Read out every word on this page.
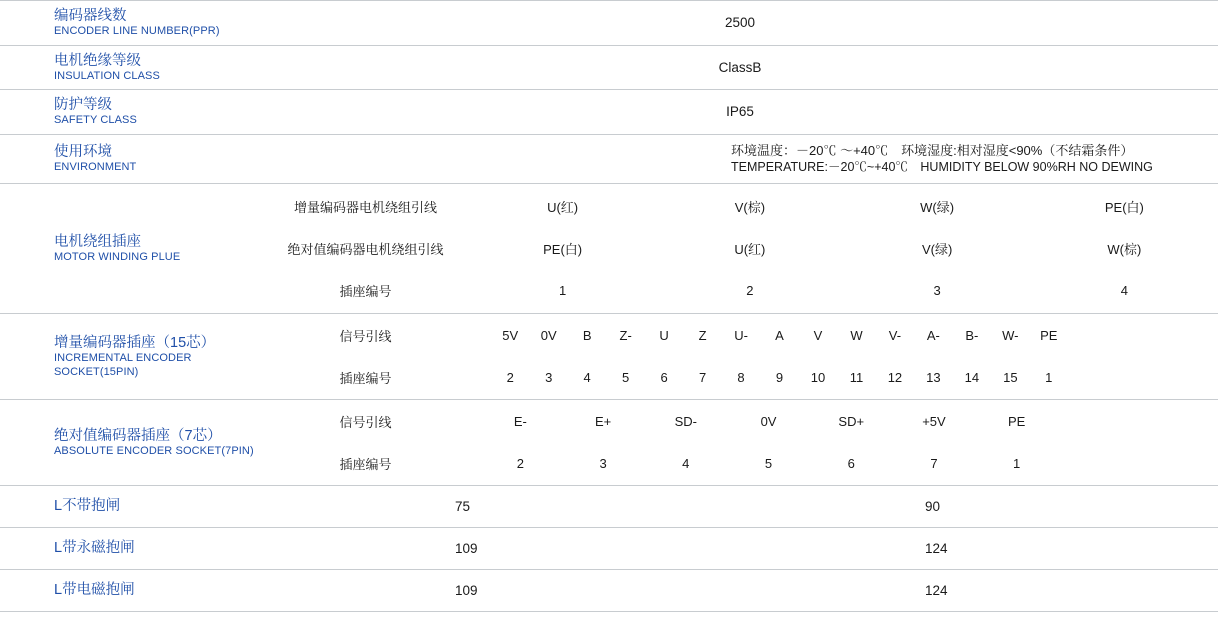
编码器线数
ENCODER LINE NUMBER(PPR)
2500
电机绝缘等级
INSULATION CLASS
ClassB
防护等级
SAFETY CLASS
IP65
使用环境
ENVIRONMENT
环境温度：－20℃ ～+40℃　环境湿度:相对湿度<90%（不结霜条件）
TEMPERATURE:－20℃~+40℃　HUMIDITY BELOW 90%RH NO DEWING
电机绕组插座
MOTOR WINDING PLUE
增量编码器电机绕组引线	U(红)	V(棕)	W(绿)	PE(白)
绝对值编码器电机绕组引线	PE(白)	U(红)	V(绿)	W(棕)
插座编号	1	2	3	4
增量编码器插座（15芯）
INCREMENTAL ENCODER
SOCKET(15PIN)
信号引线	5V	0V	B	Z-	U	Z	U-	A	V	W	V-	A-	B-	W-	PE
插座编号	2	3	4	5	6	7	8	9	10	11	12	13	14	15	1
绝对值编码器插座（7芯）
ABSOLUTE ENCODER SOCKET(7PIN)
信号引线	E-	E+	SD-	0V	SD+	+5V	PE
插座编号	2	3	4	5	6	7	1
L不带抱闸	75	90
L带永磁抱闸	109	124
L带电磁抱闸	109	124
